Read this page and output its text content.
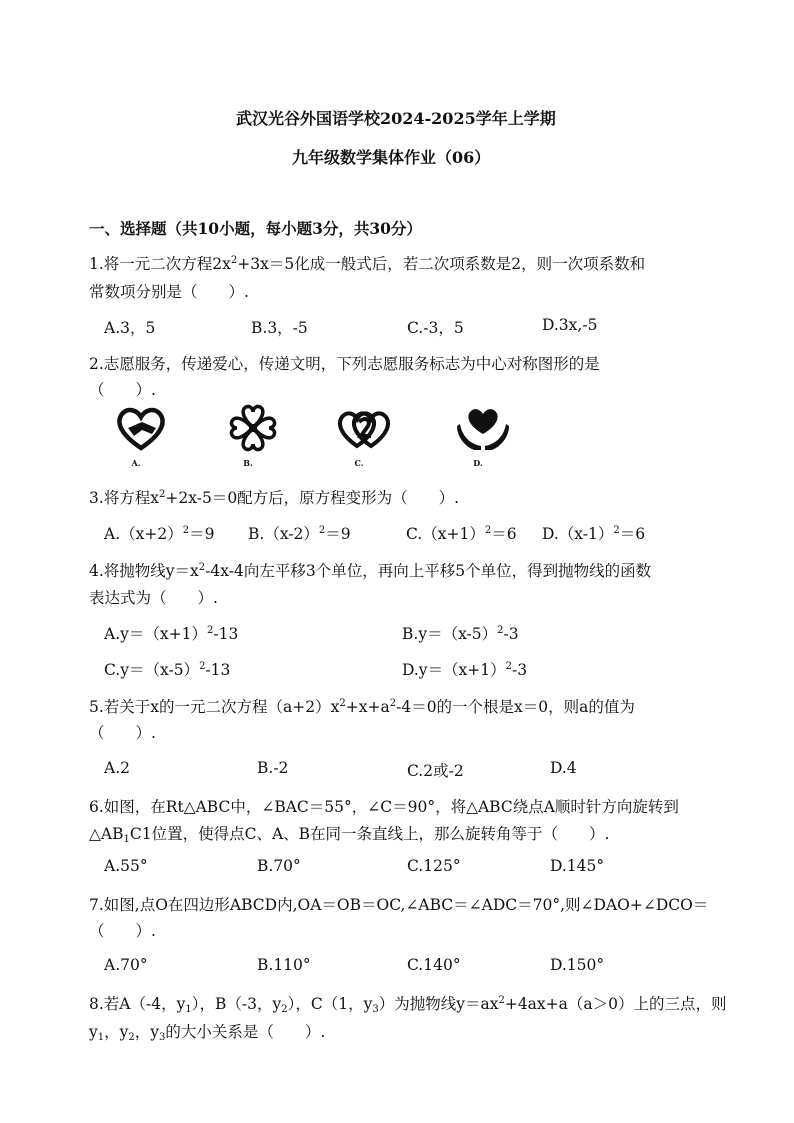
武汉光谷外国语学校2024-2025学年上学期
九年级数学集体作业（06）
一、选择题（共10小题，每小题3分，共30分）
1.将一元二次方程$2x^2+3x=5$化成一般式后，若二次项系数是2，则一次项系数和
常数项分别是（　　）.
A.3，5	B.3，-5	C.-3，5	D.3x,-5
2.志愿服务，传递爱心，传递文明，下列志愿服务标志为中心对称图形的是
（　　）.
A.	B.	C.	D.
3.将方程$x^2+2x-5=0$配方后，原方程变形为（　　）.
$A.(x+2)^2=9$ $B.(x-2)^2=9$	$C.(x+1)^2=6$ $D.(x-1)^2=6$
4.将抛物线$y=x^2-4x-4$向左平移3个单位，再向上平移5个单位，得到抛物线的函数
表达式为（　　）.
$A.y=(x+1)^2-13$	$B.y=(x-5)^2-3$
$C.y=(x-5)^2-13$	$D.y=(x+1)^2-3$
5.若关于x的一元二次方程$(a+2)x^2+x+a^2-4=0$的一个根是x＝0，则a的值为
（　　）.
A.2	B.-2	C.2或-2	D.4
6.如图，在Rt△ABC中，∠BAC＝55°，∠C＝90°，将△ABC绕点A顺时针方向旋转到
$\triangle AB_1C1$位置，使得点C、A、B在同一条直线上，那么旋转角等于（　　）.
A.55°	B.70°	C.125°	D.145°
7.如图,点O在四边形ABCD内,OA＝OB＝OC,∠ABC＝∠ADC＝70°,则∠DAO+∠DCO＝
（　　）.
A.70°	B.110°	C.140°	D.150°
8.若A（-4，$y_1$），B（-3，$y_2$），C（1，$y_3$）为抛物线$y=ax^2+4ax+a(a>0)$上的三点，则
$y_1$，$y_2$，$y_3$的大小关系是（　　）.
